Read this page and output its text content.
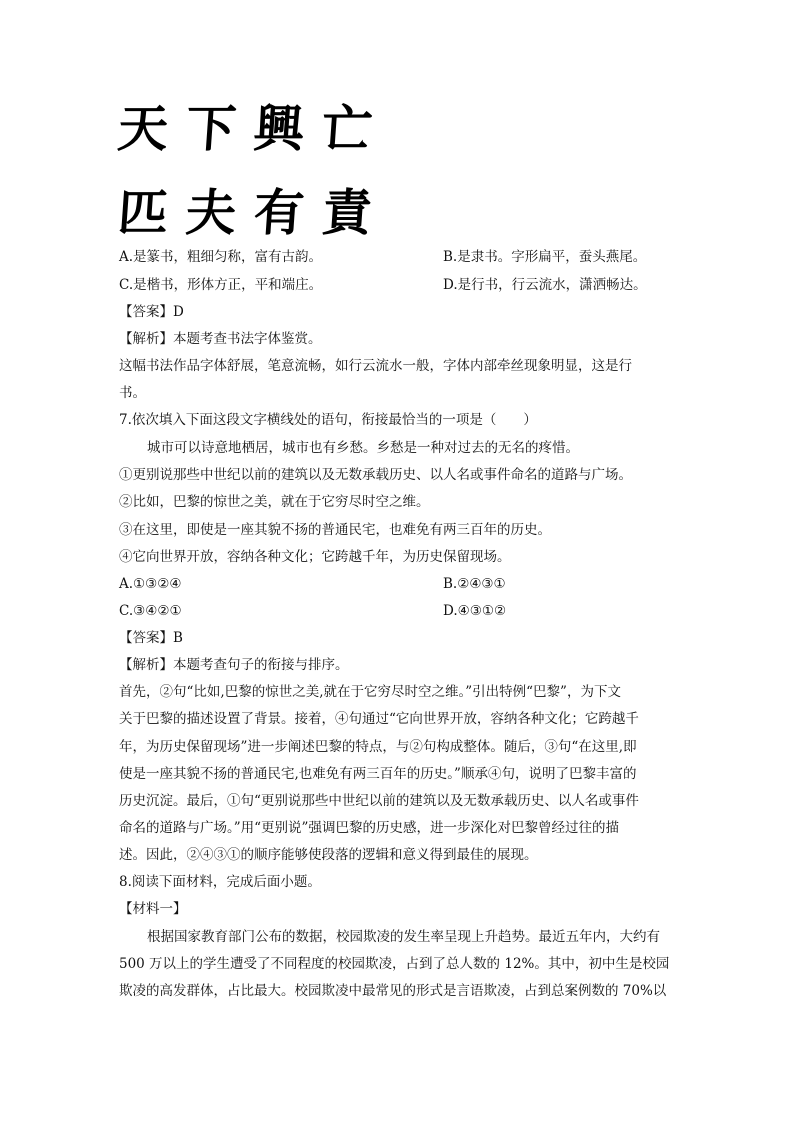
天下興亡
匹夫有責
A.是篆书，粗细匀称，富有古韵。	B.是隶书。字形扁平，蚕头燕尾。
C.是楷书，形体方正，平和端庄。	D.是行书，行云流水，潇洒畅达。
【答案】D
【解析】本题考查书法字体鉴赏。
这幅书法作品字体舒展，笔意流畅，如行云流水一般，字体内部牵丝现象明显，这是行
书。
7.依次填入下面这段文字横线处的语句，衔接最恰当的一项是（　　）
城市可以诗意地栖居，城市也有乡愁。乡愁是一种对过去的无名的疼惜。
①更别说那些中世纪以前的建筑以及无数承载历史、以人名或事件命名的道路与广场。
②比如，巴黎的惊世之美，就在于它穷尽时空之维。
③在这里，即使是一座其貌不扬的普通民宅，也难免有两三百年的历史。
④它向世界开放，容纳各种文化；它跨越千年，为历史保留现场。
A.①③②④	B.②④③①
C.③④②①	D.④③①②
【答案】B
【解析】本题考查句子的衔接与排序。
首先，②句“比如,巴黎的惊世之美,就在于它穷尽时空之维。”引出特例“巴黎”，为下文
关于巴黎的描述设置了背景。接着，④句通过“它向世界开放，容纳各种文化；它跨越千
年，为历史保留现场”进一步阐述巴黎的特点，与②句构成整体。随后，③句“在这里,即
使是一座其貌不扬的普通民宅,也难免有两三百年的历史。”顺承④句，说明了巴黎丰富的
历史沉淀。最后，①句“更别说那些中世纪以前的建筑以及无数承载历史、以人名或事件
命名的道路与广场。”用“更别说”强调巴黎的历史感，进一步深化对巴黎曾经过往的描
述。因此，②④③①的顺序能够使段落的逻辑和意义得到最佳的展现。
8.阅读下面材料，完成后面小题。
【材料一】
根据国家教育部门公布的数据，校园欺凌的发生率呈现上升趋势。最近五年内，大约有
500 万以上的学生遭受了不同程度的校园欺凌，占到了总人数的 12%。其中，初中生是校园
欺凌的高发群体，占比最大。校园欺凌中最常见的形式是言语欺凌，占到总案例数的 70%以
